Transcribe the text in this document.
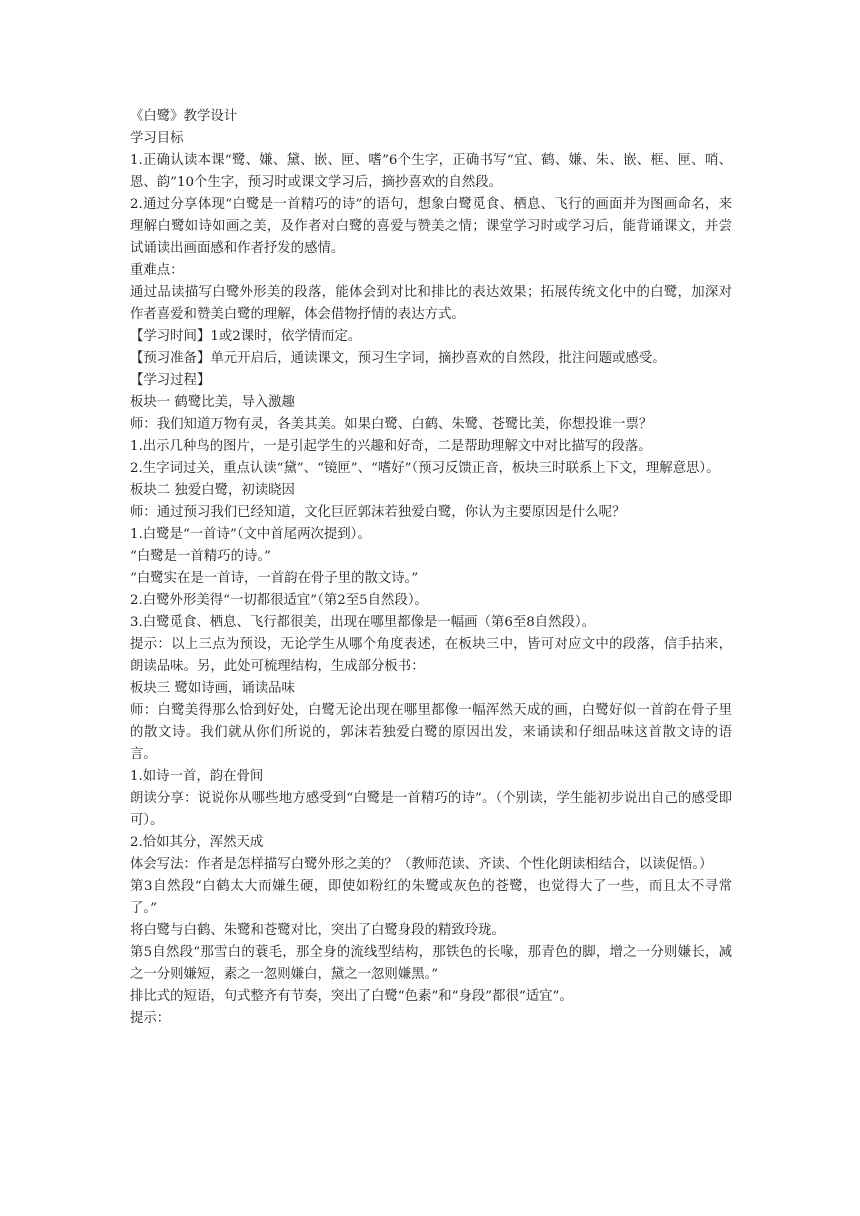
《白鹭》教学设计

学习目标

1.正确认读本课“鹭、嫌、黛、嵌、匣、嗜”6个生字，正确书写“宜、鹤、嫌、朱、嵌、框、匣、哨、恩、韵”10个生字，预习时或课文学习后，摘抄喜欢的自然段。

2.通过分享体现“白鹭是一首精巧的诗”的语句，想象白鹭觅食、栖息、飞行的画面并为图画命名，来理解白鹭如诗如画之美，及作者对白鹭的喜爱与赞美之情；课堂学习时或学习后，能背诵课文，并尝试诵读出画面感和作者抒发的感情。

重难点：

通过品读描写白鹭外形美的段落，能体会到对比和排比的表达效果；拓展传统文化中的白鹭，加深对作者喜爱和赞美白鹭的理解，体会借物抒情的表达方式。

【学习时间】1或2课时，依学情而定。

【预习准备】单元开启后，通读课文，预习生字词，摘抄喜欢的自然段，批注问题或感受。

【学习过程】

板块一 鹤鹭比美，导入激趣

师：我们知道万物有灵，各美其美。如果白鹭、白鹤、朱鹭、苍鹭比美，你想投谁一票？

1.出示几种鸟的图片，一是引起学生的兴趣和好奇，二是帮助理解文中对比描写的段落。

2.生字词过关，重点认读“黛”、“镜匣”、“嗜好”（预习反馈正音，板块三时联系上下文，理解意思）。

板块二 独爱白鹭，初读晓因

师：通过预习我们已经知道，文化巨匠郭沫若独爱白鹭，你认为主要原因是什么呢？

1.白鹭是“一首诗”（文中首尾两次提到）。

“白鹭是一首精巧的诗。”

“白鹭实在是一首诗，一首韵在骨子里的散文诗。”

2.白鹭外形美得“一切都很适宜”（第2至5自然段）。

3.白鹭觅食、栖息、飞行都很美，出现在哪里都像是一幅画（第6至8自然段）。

提示：以上三点为预设，无论学生从哪个角度表述，在板块三中，皆可对应文中的段落，信手拈来，朗读品味。另，此处可梳理结构，生成部分板书：

板块三 鹭如诗画，诵读品味

师：白鹭美得那么恰到好处，白鹭无论出现在哪里都像一幅浑然天成的画，白鹭好似一首韵在骨子里的散文诗。我们就从你们所说的，郭沫若独爱白鹭的原因出发，来诵读和仔细品味这首散文诗的语言。

1.如诗一首，韵在骨间

朗读分享：说说你从哪些地方感受到“白鹭是一首精巧的诗”。（个别读，学生能初步说出自己的感受即可）。

2.恰如其分，浑然天成

体会写法：作者是怎样描写白鹭外形之美的？（教师范读、齐读、个性化朗读相结合，以读促悟。）

第3自然段“白鹤太大而嫌生硬，即使如粉红的朱鹭或灰色的苍鹭，也觉得大了一些，而且太不寻常了。”

将白鹭与白鹤、朱鹭和苍鹭对比，突出了白鹭身段的精致玲珑。

第5自然段“那雪白的蓑毛，那全身的流线型结构，那铁色的长喙，那青色的脚，增之一分则嫌长，减之一分则嫌短，素之一忽则嫌白，黛之一忽则嫌黑。”

排比式的短语，句式整齐有节奏，突出了白鹭“色素”和“身段”都很“适宜”。

提示：
